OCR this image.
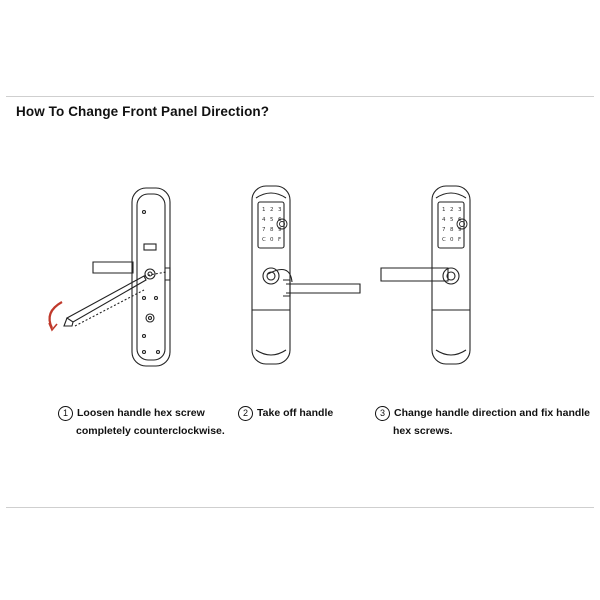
How To Change Front Panel Direction?
1 2 3
4 5 6
7 8 9
C 0 F
1 2 3
4 5 6
7 8 9
C 0 F
1 Loosen handle hex screw
completely counterclockwise.
2 Take off handle	3 Change handle direction and fix handle
hex screws.
